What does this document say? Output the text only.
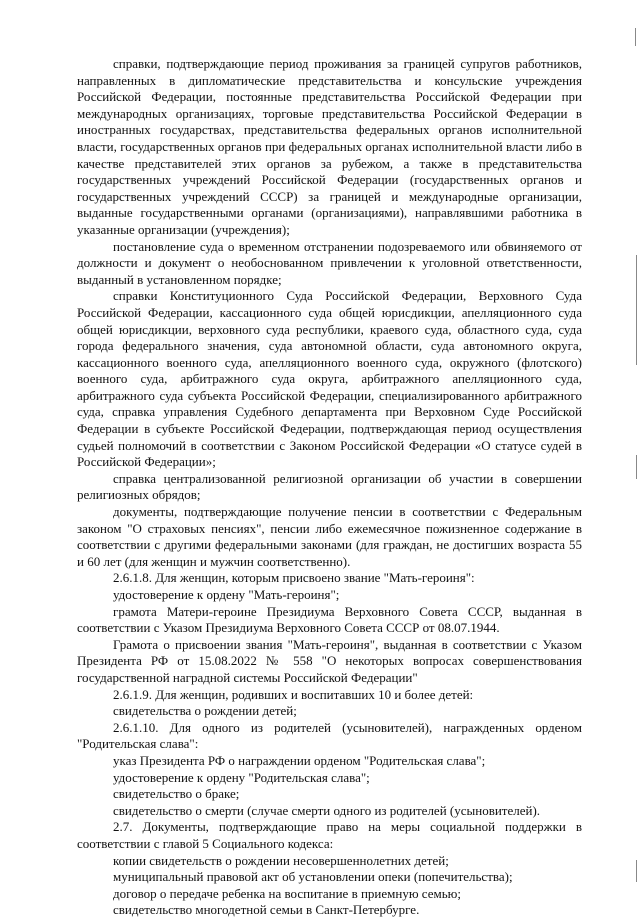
справки, подтверждающие период проживания за границей супругов работников, направленных в дипломатические представительства и консульские учреждения Российской Федерации, постоянные представительства Российской Федерации при международных организациях, торговые представительства Российской Федерации в иностранных государствах, представительства федеральных органов исполнительной власти, государственных органов при федеральных органах исполнительной власти либо в качестве представителей этих органов за рубежом, а также в представительства государственных учреждений Российской Федерации (государственных органов и государственных учреждений СССР) за границей и международные организации, выданные государственными органами (организациями), направлявшими работника в указанные организации (учреждения);

постановление суда о временном отстранении подозреваемого или обвиняемого от должности и документ о необоснованном привлечении к уголовной ответственности, выданный в установленном порядке;

справки Конституционного Суда Российской Федерации, Верховного Суда Российской Федерации, кассационного суда общей юрисдикции, апелляционного суда общей юрисдикции, верховного суда республики, краевого суда, областного суда, суда города федерального значения, суда автономной области, суда автономного округа, кассационного военного суда, апелляционного военного суда, окружного (флотского) военного суда, арбитражного суда округа, арбитражного апелляционного суда, арбитражного суда субъекта Российской Федерации, специализированного арбитражного суда, справка управления Судебного департамента при Верховном Суде Российской Федерации в субъекте Российской Федерации, подтверждающая период осуществления судьей полномочий в соответствии с Законом Российской Федерации «О статусе судей в Российской Федерации»;

справка централизованной религиозной организации об участии в совершении религиозных обрядов;

документы, подтверждающие получение пенсии в соответствии с Федеральным законом "О страховых пенсиях", пенсии либо ежемесячное пожизненное содержание в соответствии с другими федеральными законами (для граждан, не достигших возраста 55 и 60 лет (для женщин и мужчин соответственно).

2.6.1.8. Для женщин, которым присвоено звание "Мать-героиня":

удостоверение к ордену "Мать-героиня";

грамота Матери-героине Президиума Верховного Совета СССР, выданная в соответствии с Указом Президиума Верховного Совета СССР от 08.07.1944.

Грамота о присвоении звания "Мать-героиня", выданная в соответствии с Указом Президента РФ от 15.08.2022 № 558 "О некоторых вопросах совершенствования государственной наградной системы Российской Федерации"

2.6.1.9. Для женщин, родивших и воспитавших 10 и более детей:

свидетельства о рождении детей;

2.6.1.10. Для одного из родителей (усыновителей), награжденных орденом "Родительская слава":

указ Президента РФ о награждении орденом "Родительская слава";

удостоверение к ордену "Родительская слава";

свидетельство о браке;

свидетельство о смерти (случае смерти одного из родителей (усыновителей).

2.7. Документы, подтверждающие право на меры социальной поддержки в соответствии с главой 5 Социального кодекса:

копии свидетельств о рождении несовершеннолетних детей;

муниципальный правовой акт об установлении опеки (попечительства);

договор о передаче ребенка на воспитание в приемную семью;

свидетельство многодетной семьи в Санкт-Петербурге.
